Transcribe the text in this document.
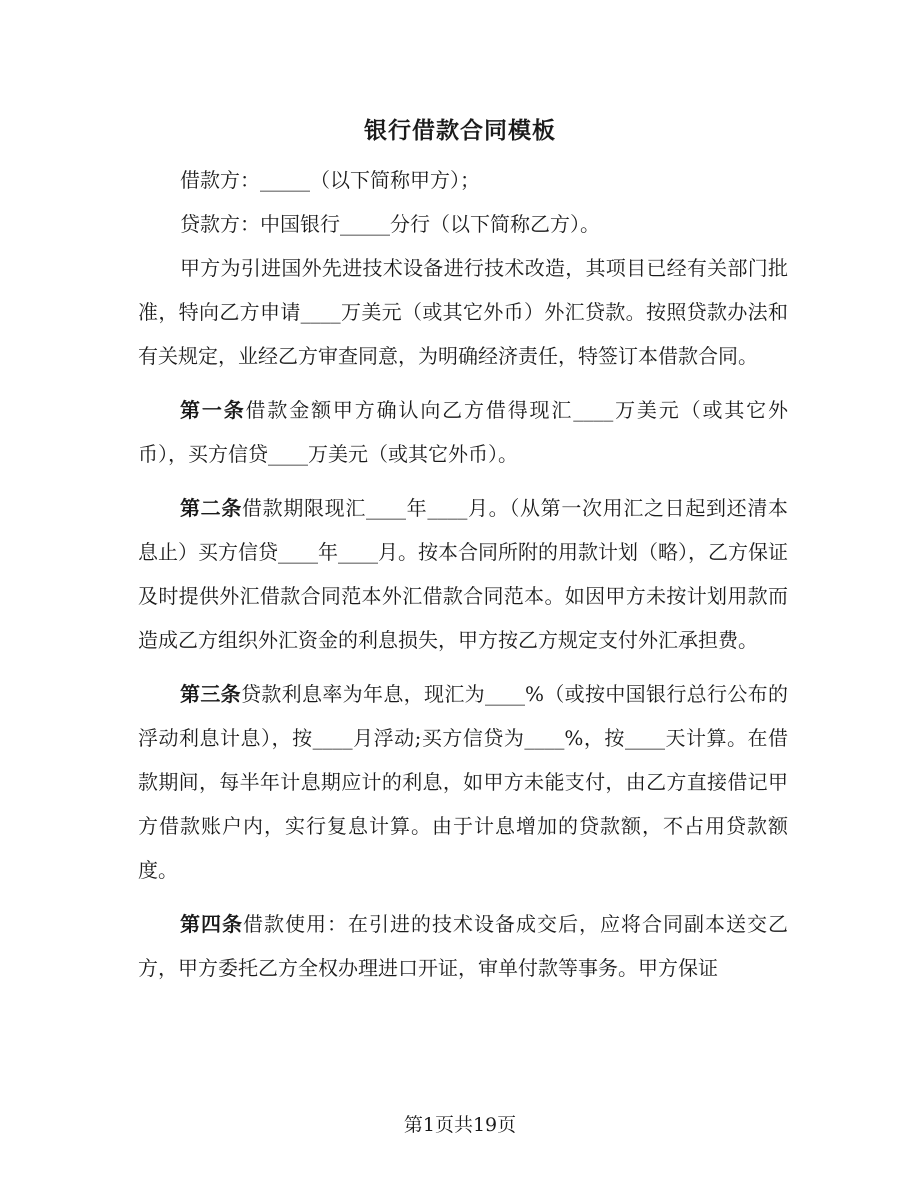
银行借款合同模板

借款方：_____（以下简称甲方）；

贷款方：中国银行_____分行（以下简称乙方）。

甲方为引进国外先进技术设备进行技术改造，其项目已经有关部门批准，特向乙方申请____万美元（或其它外币）外汇贷款。按照贷款办法和有关规定，业经乙方审查同意，为明确经济责任，特签订本借款合同。

第一条借款金额甲方确认向乙方借得现汇____万美元（或其它外币），买方信贷____万美元（或其它外币）。

第二条借款期限现汇____年____月。（从第一次用汇之日起到还清本息止）买方信贷____年____月。按本合同所附的用款计划（略），乙方保证及时提供外汇借款合同范本外汇借款合同范本。如因甲方未按计划用款而造成乙方组织外汇资金的利息损失，甲方按乙方规定支付外汇承担费。

第三条贷款利息率为年息，现汇为____%（或按中国银行总行公布的浮动利息计息），按____月浮动;买方信贷为____%，按____天计算。在借款期间，每半年计息期应计的利息，如甲方未能支付，由乙方直接借记甲方借款账户内，实行复息计算。由于计息增加的贷款额，不占用贷款额度。

第四条借款使用：在引进的技术设备成交后，应将合同副本送交乙方，甲方委托乙方全权办理进口开证，审单付款等事务。甲方保证

第1页共19页
